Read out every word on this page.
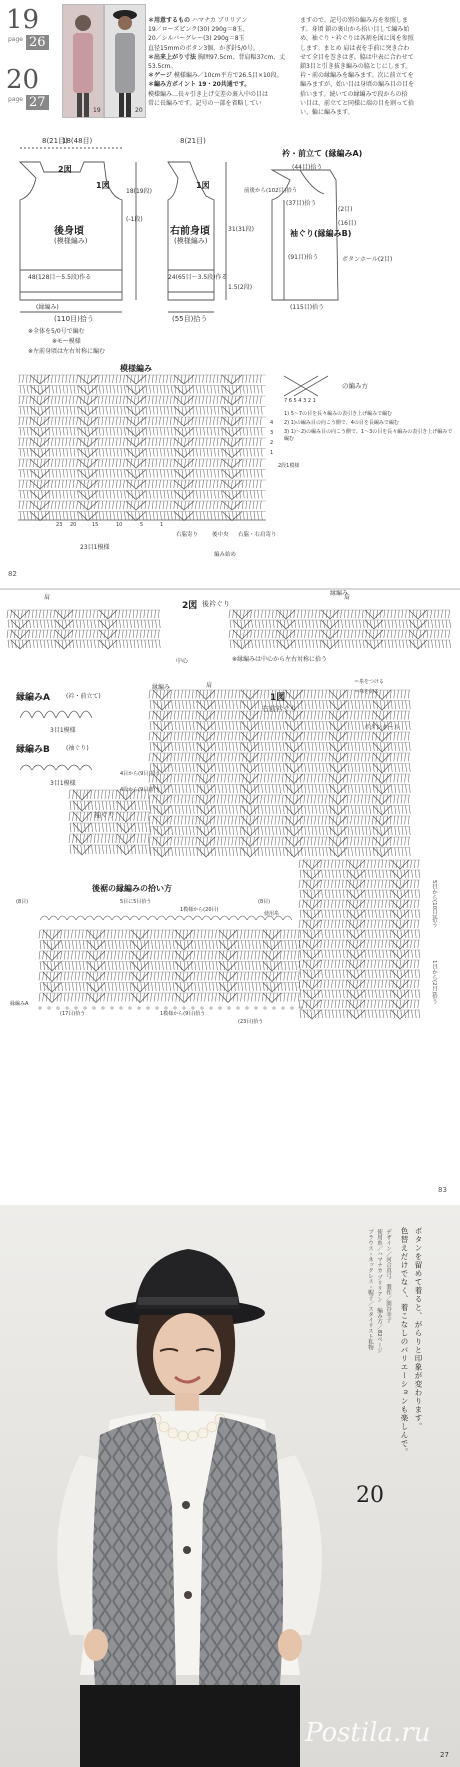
19
page 26
20
page 27
19	20
＊用意するもの ハマナカ ブリリアン
19／ローズピンク(30) 290g＝8玉、
20／シルバーグレー(3) 290g＝8玉
直径15mmのボタン3個、かぎ針5/0号。
＊出来上がり寸法 胸囲97.5cm、背肩幅37cm、丈53.5cm。
＊ゲージ 模様編み／10cm平方で26.5目×10段。
＊編み方ポイント 19・20共通です。
模様編み…長々引き上げ交差の裏入中の目は
常に長編みです。記号の一部を省略してい
ますので、記号の別の編み方を参照しま
す。身頃 鎖の裏山から拾い目して編み始
め、袖ぐり・衿ぐりは各割を図に図を参照
します。まとめ 肩は表を手前に突き合わ
せて全目を巻きはぎ。脇は中表に合わせて
鎖3目と引き抜き編みの脇とじにします。
衿・前の縁編みを編みます。次に前立てを
編みますが、始い目は身頃の編み目の目を
拾います。続いての縁編みで段からの拾
い目は、前立てと同様に端の目を割って拾
い、輪に編みます。
8(21目)
18(48目)	8(21目)
2図
1図	1図
後身頃
(模様編み)
右前身頃
(模様編み)
48(128目～5.5段)作る	24(65目～3.5段)作る
(縁編み)
(110目)拾う	(55目)拾う
(-1段)
31(31段)
1.5(2段)
18(19段)
※全体を5/0号で編む
※モー模様
※左前身頃は左右対称に編む
衿・前立て (縁編みA)
(44目)拾う
前後から(102目)拾う
(37目)拾う
(91目)拾う
(16目)
(2目)
ボタンホール(2目)
(115目)拾う
袖ぐり(縁編みB)
模様編み
の編み方
7 6 5 4 3 2 1
1) 5～7の目を長々編みの表引き上げ編みで編む
2) 1)の編み目の向こう側で、4の目を長編みで編む
3) 1)～2)の編み目の向こう側で、1～3の目を長々編みの表引き上げ編みで編む
2段1模様
23目1模様
右脇寄り	後中央 右脇・右肩寄り
編み始め
23 20	15	10	5	1
4
3
2
1
82
2図 後衿ぐり
肩	肩
縁編み
中心	※縁編みは中心から左右対称に拾う
縁編みA	(衿・前立て)
3目1模様
縁編みB	(袖ぐり)
3目1模様
1図
右前衿ぐり
肩
縁編み
ボタンホール
＝糸をつける
＝糸を切る
袖ぐり
4目から(9目)拾う
4段から(9目)拾う
後裾の縁編みの拾い方
(8目)	5目に5目拾う
1模様から(20目)
(8目)
使用糸
(17目)拾う	1模様から(9目)拾う
(23目)拾う
縁編みA
5目から(10目)拾う
1目から(2目)拾う
83
ボタンを留めて着ると、がらりと印象が変わります。
色替えだけでなく、着こなしのバリエーションも楽しんで。
デザイン／河合真弓　製作／関谷幸子
使用糸／ハマナカ ブリリアン　編み方／82ページ
ブラウス・ネックレス・帽子／スタイリスト私物
20
27
Postila.ru
